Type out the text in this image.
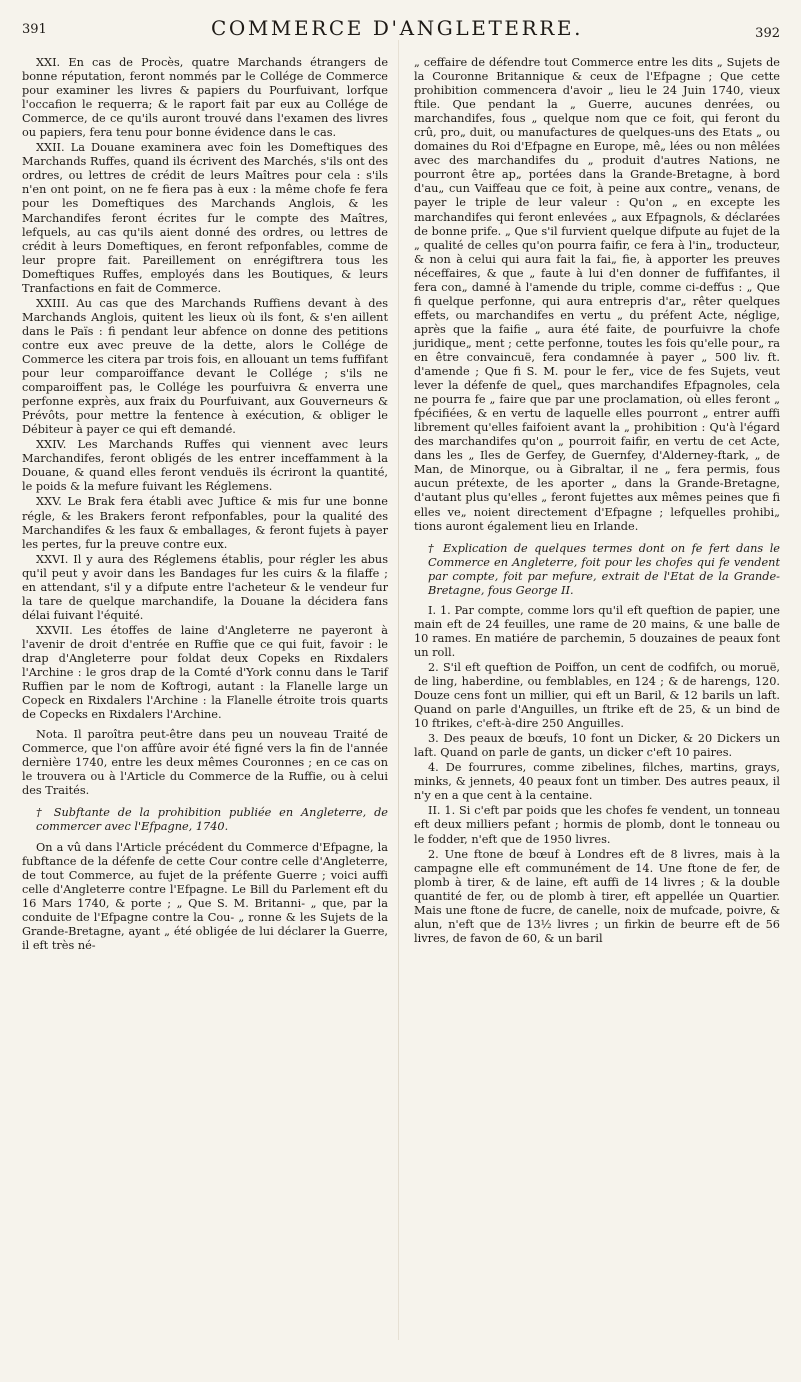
391	COMMERCE D'ANGLETERRE.	392

XXI. En cas de Procès, quatre Marchands étrangers de bonne réputation, feront nommés par le Collége de Commerce pour examiner les livres & papiers du Pourfuivant, lorfque l'occafion le requerra; & le raport fait par eux au Collége de Commerce, de ce qu'ils auront trouvé dans l'examen des livres ou papiers, fera tenu pour bonne évidence dans le cas.

XXII. La Douane examinera avec foin les Domeftiques des Marchands Ruffes, quand ils écrivent des Marchés, s'ils ont des ordres, ou lettres de crédit de leurs Maîtres pour cela : s'ils n'en ont point, on ne fe fiera pas à eux : la même chofe fe fera pour les Domeftiques des Marchands Anglois, & les Marchandifes feront écrites fur le compte des Maîtres, lefquels, au cas qu'ils aient donné des ordres, ou lettres de crédit à leurs Domeftiques, en feront refponfables, comme de leur propre fait. Pareillement on enrégiftrera tous les Domeftiques Ruffes, employés dans les Boutiques, & leurs Tranfactions en fait de Commerce.

XXIII. Au cas que des Marchands Ruffiens devant à des Marchands Anglois, quitent les lieux où ils font, & s'en aillent dans le Païs : fi pendant leur abfence on donne des petitions contre eux avec preuve de la dette, alors le Collége de Commerce les citera par trois fois, en allouant un tems fuffifant pour leur comparoiffance devant le Collége ; s'ils ne comparoiffent pas, le Collége les pourfuivra & enverra une perfonne exprès, aux fraix du Pourfuivant, aux Gouverneurs & Prévôts, pour mettre la fentence à exécution, & obliger le Débiteur à payer ce qui eft demandé.

XXIV. Les Marchands Ruffes qui viennent avec leurs Marchandifes, feront obligés de les entrer inceffamment à la Douane, & quand elles feront venduës ils écriront la quantité, le poids & la mefure fuivant les Réglemens.

XXV. Le Brak fera établi avec Juftice & mis fur une bonne régle, & les Brakers feront refponfables, pour la qualité des Marchandifes & les faux & emballages, & feront fujets à payer les pertes, fur la preuve contre eux.

XXVI. Il y aura des Réglemens établis, pour régler les abus qu'il peut y avoir dans les Bandages fur les cuirs & la filaffe ; en attendant, s'il y a difpute entre l'acheteur & le vendeur fur la tare de quelque marchandife, la Douane la décidera fans délai fuivant l'équité.

XXVII. Les étoffes de laine d'Angleterre ne payeront à l'avenir de droit d'entrée en Ruffie que ce qui fuit, favoir : le drap d'Angleterre pour foldat deux Copeks en Rixdalers l'Archine : le gros drap de la Comté d'York connu dans le Tarif Ruffien par le nom de Koftrogi, autant : la Flanelle large un Copeck en Rixdalers l'Archine : la Flanelle étroite trois quarts de Copecks en Rixdalers l'Archine.

Nota. Il paroîtra peut-être dans peu un nouveau Traité de Commerce, que l'on affûre avoir été figné vers la fin de l'année dernière 1740, entre les deux mêmes Couronnes ; en ce cas on le trouvera ou à l'Article du Commerce de la Ruffie, ou à celui des Traités.

† Subftante de la prohibition publiée en Angleterre, de commercer avec l'Efpagne, 1740.

On a vû dans l'Article précédent du Commerce d'Efpagne, la fubftance de la défenfe de cette Cour contre celle d'Angleterre, de tout Commerce, au fujet de la préfente Guerre ; voici auffi celle d'Angleterre contre l'Efpagne. Le Bill du Parlement eft du 16 Mars 1740, & porte ; „ Que S. M. Britanni- „ que, par la conduite de l'Efpagne contre la Cou- „ ronne & les Sujets de la Grande-Bretagne, ayant „ été obligée de lui déclarer la Guerre, il eft très né-

„ ceffaire de défendre tout Commerce entre les dits „ Sujets de la Couronne Britannique & ceux de l'Efpagne ; Que cette prohibition commencera d'avoir „ lieu le 24 Juin 1740, vieux ftile. Que pendant la „ Guerre, aucunes denrées, ou marchandifes, fous „ quelque nom que ce foit, qui feront du crû, pro„ duit, ou manufactures de quelques-uns des Etats „ ou domaines du Roi d'Efpagne en Europe, mê„ lées ou non mêlées avec des marchandifes du „ produit d'autres Nations, ne pourront être ap„ portées dans la Grande-Bretagne, à bord d'au„ cun Vaiffeau que ce foit, à peine aux contre„ venans, de payer le triple de leur valeur : Qu'on „ en excepte les marchandifes qui feront enlevées „ aux Efpagnols, & déclarées de bonne prife. „ Que s'il furvient quelque difpute au fujet de la „ qualité de celles qu'on pourra faifir, ce fera à l'in„ troducteur, & non à celui qui aura fait la fai„ fie, à apporter les preuves néceffaires, & que „ faute à lui d'en donner de fuffifantes, il fera con„ damné à l'amende du triple, comme ci-deffus : „ Que fi quelque perfonne, qui aura entrepris d'ar„ rêter quelques effets, ou marchandifes en vertu „ du préfent Acte, néglige, après que la faifie „ aura été faite, de pourfuivre la chofe juridique„ ment ; cette perfonne, toutes les fois qu'elle pour„ ra en être convaincuë, fera condamnée à payer „ 500 liv. ft. d'amende ; Que fi S. M. pour le fer„ vice de fes Sujets, veut lever la défenfe de quel„ ques marchandifes Efpagnoles, cela ne pourra fe „ faire que par une proclamation, où elles feront „ fpécifiées, & en vertu de laquelle elles pourront „ entrer auffi librement qu'elles faifoient avant la „ prohibition : Qu'à l'égard des marchandifes qu'on „ pourroit faifir, en vertu de cet Acte, dans les „ Iles de Gerfey, de Guernfey, d'Alderney-ftark, „ de Man, de Minorque, ou à Gibraltar, il ne „ fera permis, fous aucun prétexte, de les aporter „ dans la Grande-Bretagne, d'autant plus qu'elles „ feront fujettes aux mêmes peines que fi elles ve„ noient directement d'Efpagne ; lefquelles prohibi„ tions auront également lieu en Irlande.

† Explication de quelques termes dont on fe fert dans le Commerce en Angleterre, foit pour les chofes qui fe vendent par compte, foit par mefure, extrait de l'Etat de la Grande-Bretagne, fous George II.

I. 1. Par compte, comme lors qu'il eft queftion de papier, une main eft de 24 feuilles, une rame de 20 mains, & une balle de 10 rames. En matiére de parchemin, 5 douzaines de peaux font un roll.

2. S'il eft queftion de Poiffon, un cent de codfifch, ou moruë, de ling, haberdine, ou femblables, en 124 ; & de harengs, 120. Douze cens font un millier, qui eft un Baril, & 12 barils un laft. Quand on parle d'Anguilles, un ftrike eft de 25, & un bind de 10 ftrikes, c'eft-à-dire 250 Anguilles.

3. Des peaux de bœufs, 10 font un Dicker, & 20 Dickers un laft. Quand on parle de gants, un dicker c'eft 10 paires.

4. De fourrures, comme zibelines, filches, martins, grays, minks, & jennets, 40 peaux font un timber. Des autres peaux, il n'y en a que cent à la centaine.

II. 1. Si c'eft par poids que les chofes fe vendent, un tonneau eft deux milliers pefant ; hormis de plomb, dont le tonneau ou le fodder, n'eft que de 1950 livres.

2. Une ftone de bœuf à Londres eft de 8 livres, mais à la campagne elle eft communément de 14. Une ftone de fer, de plomb à tirer, & de laine, eft auffi de 14 livres ; & la double quantité de fer, ou de plomb à tirer, eft appellée un Quartier. Mais une ftone de fucre, de canelle, noix de mufcade, poivre, & alun, n'eft que de 13½ livres ; un firkin de beurre eft de 56 livres, de favon de 60, & un baril
